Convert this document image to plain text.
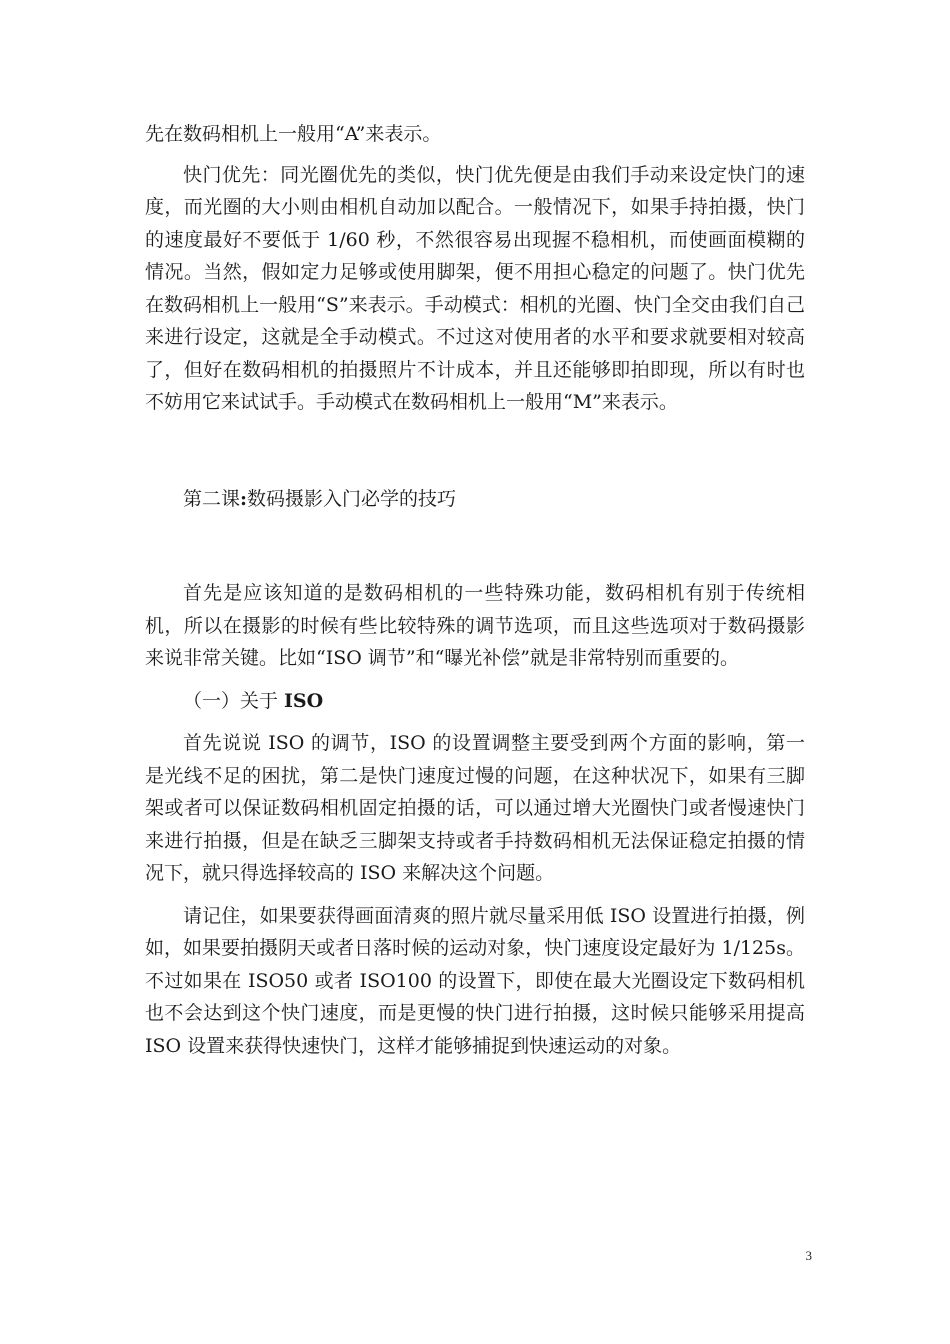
先在数码相机上一般用“A”来表示。

快门优先：同光圈优先的类似，快门优先便是由我们手动来设定快门的速度，而光圈的大小则由相机自动加以配合。一般情况下，如果手持拍摄，快门的速度最好不要低于 1/60 秒，不然很容易出现握不稳相机，而使画面模糊的情况。当然，假如定力足够或使用脚架，便不用担心稳定的问题了。快门优先在数码相机上一般用“S”来表示。手动模式：相机的光圈、快门全交由我们自己来进行设定，这就是全手动模式。不过这对使用者的水平和要求就要相对较高了，但好在数码相机的拍摄照片不计成本，并且还能够即拍即现，所以有时也不妨用它来试试手。手动模式在数码相机上一般用“M”来表示。

第二课:数码摄影入门必学的技巧

首先是应该知道的是数码相机的一些特殊功能，数码相机有别于传统相机，所以在摄影的时候有些比较特殊的调节选项，而且这些选项对于数码摄影来说非常关键。比如“ISO 调节”和“曝光补偿”就是非常特别而重要的。

（一）关于 ISO

首先说说 ISO 的调节，ISO 的设置调整主要受到两个方面的影响，第一是光线不足的困扰，第二是快门速度过慢的问题，在这种状况下，如果有三脚架或者可以保证数码相机固定拍摄的话，可以通过增大光圈快门或者慢速快门来进行拍摄，但是在缺乏三脚架支持或者手持数码相机无法保证稳定拍摄的情况下，就只得选择较高的 ISO 来解决这个问题。

请记住，如果要获得画面清爽的照片就尽量采用低 ISO 设置进行拍摄，例如，如果要拍摄阴天或者日落时候的运动对象，快门速度设定最好为 1/125s。不过如果在 ISO50 或者 ISO100 的设置下，即使在最大光圈设定下数码相机也不会达到这个快门速度，而是更慢的快门进行拍摄，这时候只能够采用提高 ISO 设置来获得快速快门，这样才能够捕捉到快速运动的对象。

3
